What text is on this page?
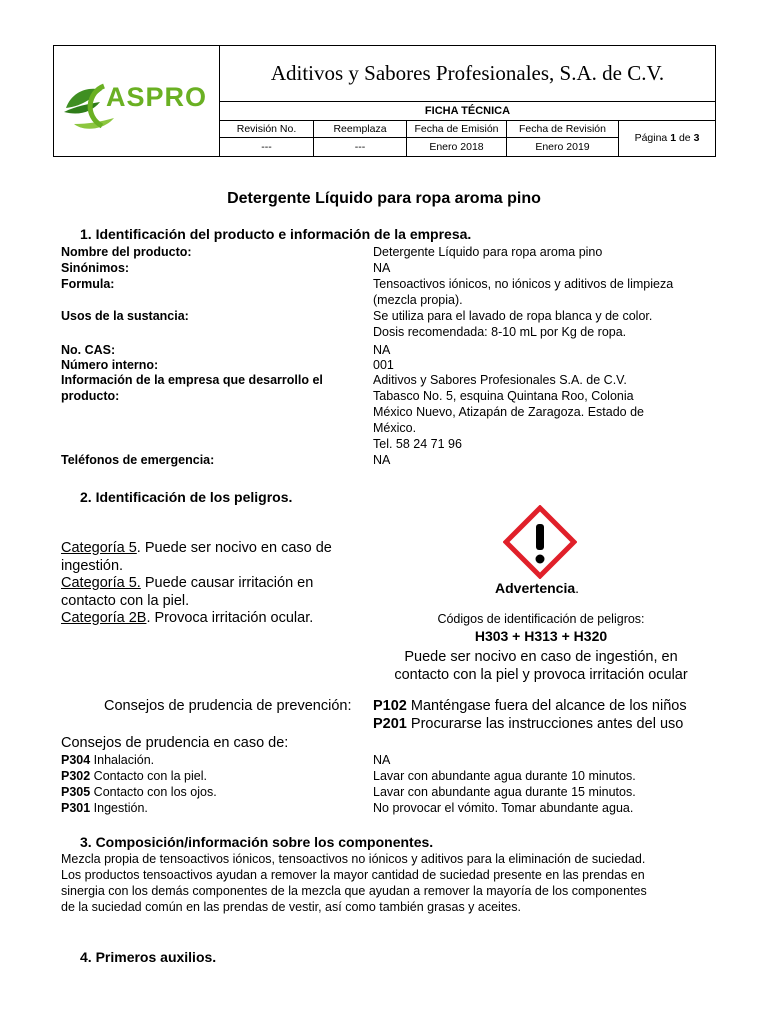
ASPRO
Aditivos y Sabores Profesionales, S.A. de C.V.
FICHA TÉCNICA
Revisión No.	Reemplaza	Fecha de Emisión	Fecha de Revisión
---	---	Enero 2018	Enero 2019
Página
1
de
3
Detergente Líquido para ropa aroma pino
1. Identificación del producto e información de la empresa.
Nombre del producto:	Detergente Líquido para ropa aroma pino
Sinónimos:	NA
Formula:	Tensoactivos iónicos, no iónicos y aditivos de limpieza
(mezcla propia).
Usos de la sustancia:	Se utiliza para el lavado de ropa blanca y de color.
Dosis recomendada: 8-10 mL por Kg de ropa.
No. CAS:	NA
Número interno:	001
Información de la empresa que desarrollo el
producto:
Aditivos y Sabores Profesionales S.A. de C.V.
Tabasco No. 5, esquina Quintana Roo, Colonia
México Nuevo, Atizapán de Zaragoza. Estado de
México.
Tel. 58 24 71 96
Teléfonos de emergencia:	NA
2. Identificación de los peligros.
Categoría 5. Puede ser nocivo en caso de
ingestión.
Categoría 5. Puede causar irritación en
contacto con la piel.
Categoría 2B. Provoca irritación ocular.
Advertencia.
Códigos de identificación de peligros:
H303 + H313 + H320
Puede ser nocivo en caso de ingestión, en
contacto con la piel y provoca irritación ocular
Consejos de prudencia de prevención: P102 Manténgase fuera del alcance de los niños
P201 Procurarse las instrucciones antes del uso
Consejos de prudencia en caso de:
P304 Inhalación.	NA
P302 Contacto con la piel.	Lavar con abundante agua durante 10 minutos.
P305 Contacto con los ojos.	Lavar con abundante agua durante 15 minutos.
P301 Ingestión.	No provocar el vómito. Tomar abundante agua.
3. Composición/información sobre los componentes.
Mezcla propia de tensoactivos iónicos, tensoactivos no iónicos y aditivos para la eliminación de suciedad.
Los productos tensoactivos ayudan a remover la mayor cantidad de suciedad presente en las prendas en
sinergia con los demás componentes de la mezcla que ayudan a remover la mayoría de los componentes
de la suciedad común en las prendas de vestir, así como también grasas y aceites.
4. Primeros auxilios.
